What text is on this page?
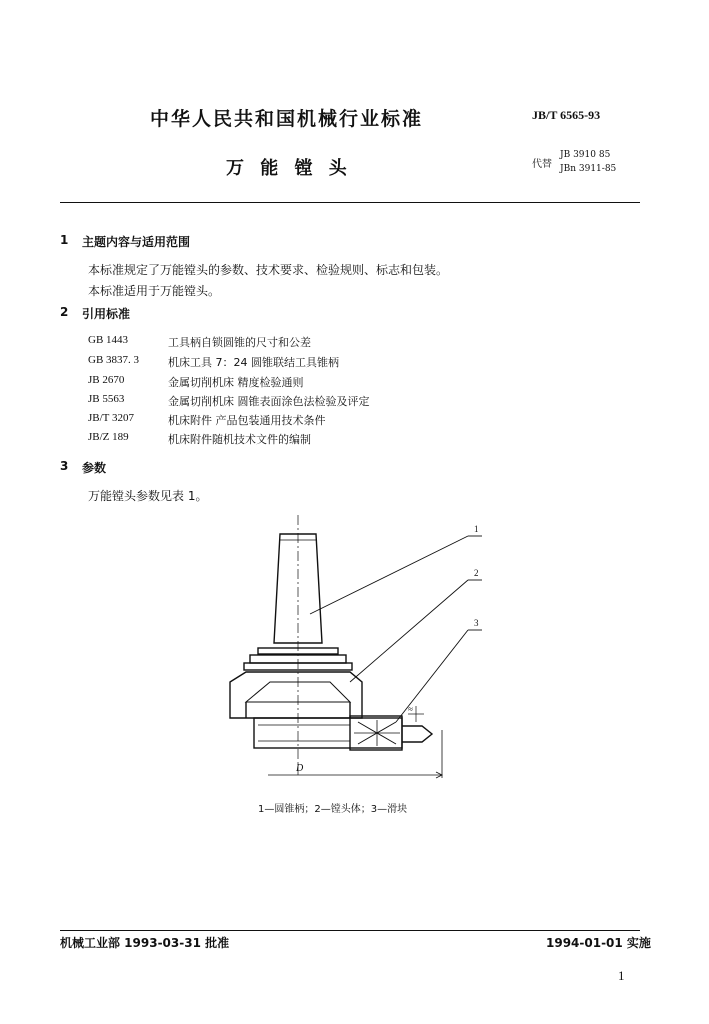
中华人民共和国机械行业标准	JB/T 6565-93
万 能 镗 头	代替
JB 3910 85
JBn 3911-85
1 主题内容与适用范围
本标准规定了万能镗头的参数、技术要求、检验规则、标志和包装。
本标准适用于万能镗头。
2 引用标准
GB 1443	工具柄自锁圆锥的尺寸和公差
GB 3837. 3	机床工具 7：24 圆锥联结工具锥柄
JB 2670	金属切削机床 精度检验通则
JB 5563	金属切削机床 圆锥表面涂色法检验及评定
JB/T 3207	机床附件 产品包装通用技术条件
JB/Z 189	机床附件随机技术文件的编制
3 参数
万能镗头参数见表 1。
1
2
3
D
≈
1—圆锥柄；2—镗头体；3—滑块
机械工业部 1993-03-31 批准	1994-01-01 实施
1
